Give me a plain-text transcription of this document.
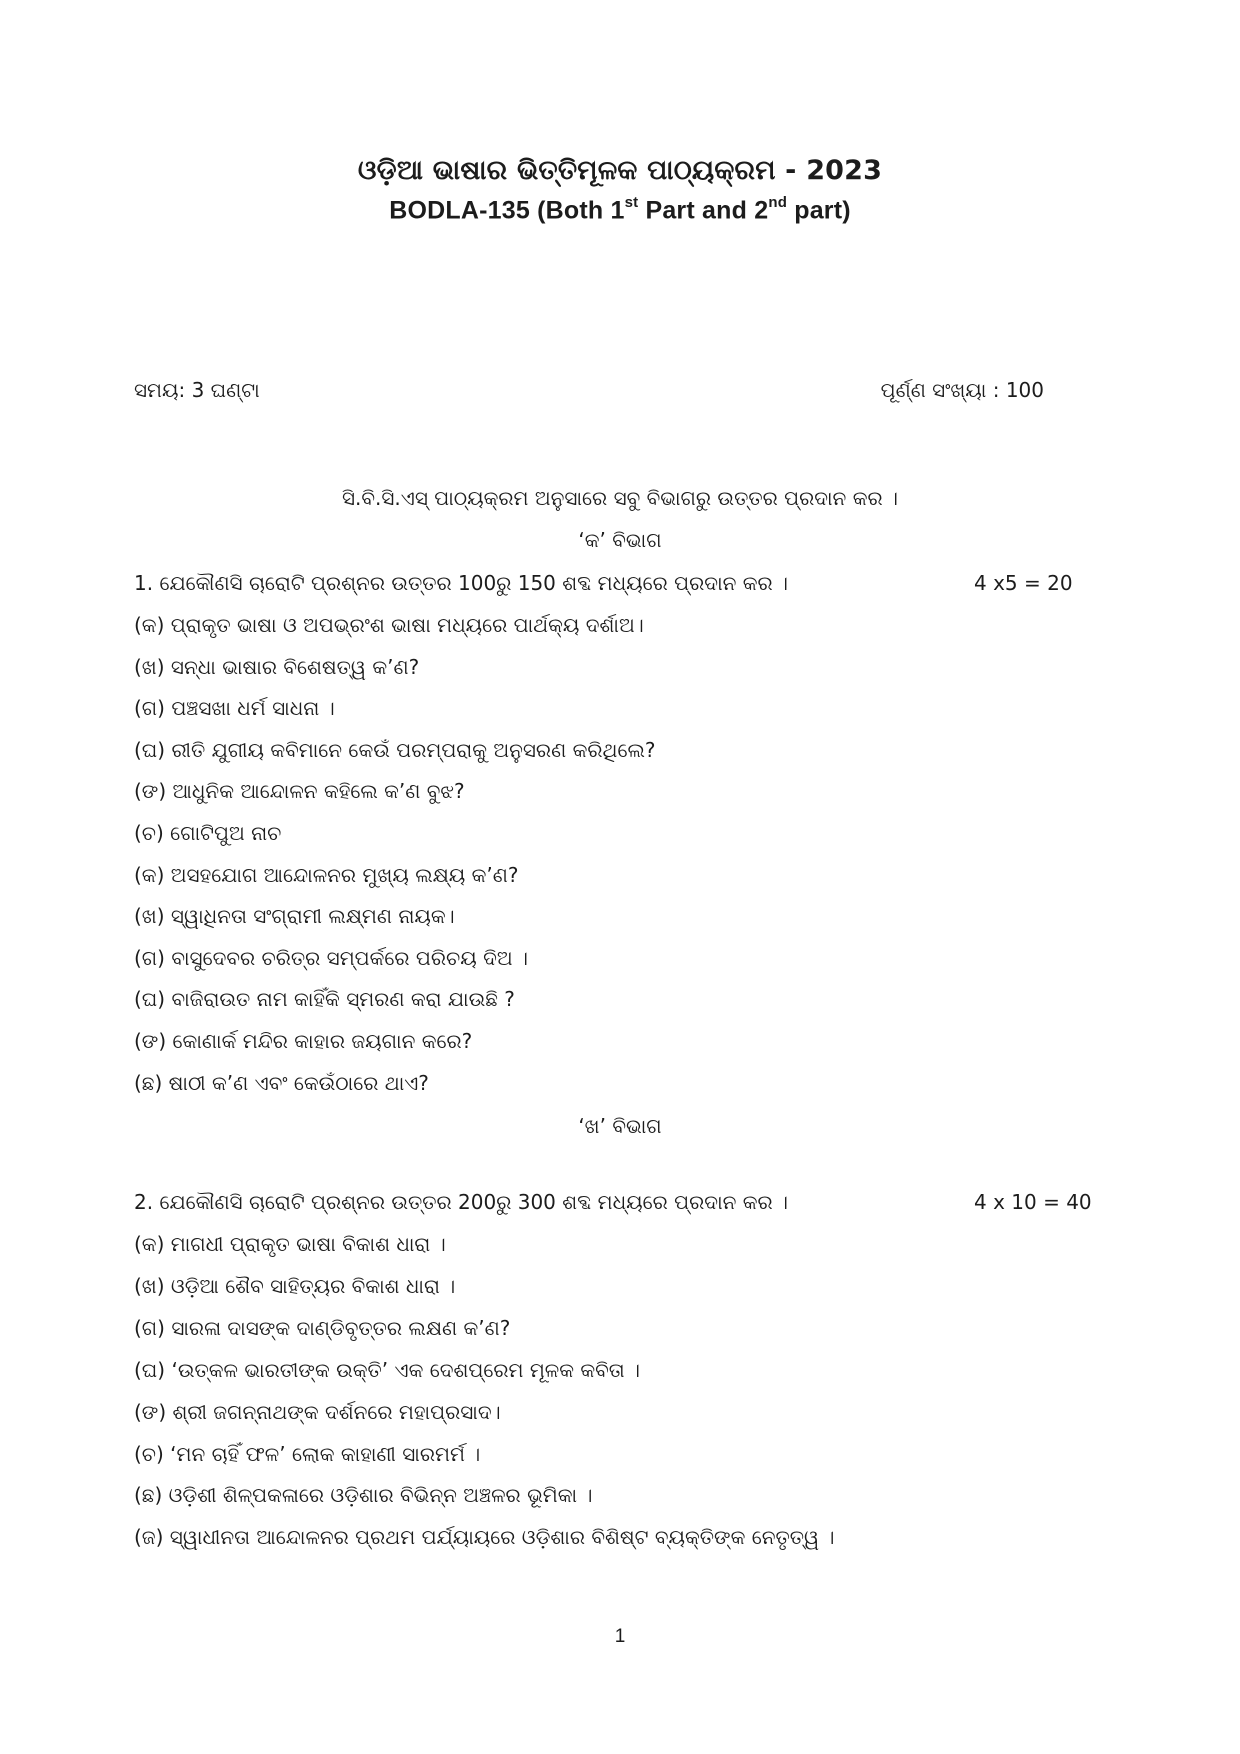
ଓଡ଼ିଆ ଭାଷାର ଭିତ୍ତିମୂଳକ ପାଠ୍ୟକ୍ରମ - 2023
BODLA-135 (Both 1st Part and 2nd part)
ସମୟ: 3 ଘଣ୍ଟା	ପୂର୍ଣ୍ଣ ସଂଖ୍ୟା : 100
ସି.ବି.ସି.ଏସ୍ ପାଠ୍ୟକ୍ରମ ଅନୁସାରେ ସବୁ ବିଭାଗରୁ ଉତ୍ତର ପ୍ରଦାନ କର ।
‘କ’ ବିଭାଗ
1. ଯେକୌଣସି ଚାରୋଟି ପ୍ରଶ୍ନର ଉତ୍ତର 100ରୁ 150 ଶବ୍ଦ ମଧ୍ୟରେ ପ୍ରଦାନ କର ।	4 x5 = 20
(କ) ପ୍ରାକୃତ ଭାଷା ଓ ଅପଭ୍ରଂଶ ଭାଷା ମଧ୍ୟରେ ପାର୍ଥକ୍ୟ ଦର୍ଶାଅ।
(ଖ) ସନ୍ଧା ଭାଷାର ବିଶେଷତ୍ୱ କ’ଣ?
(ଗ) ପଞ୍ଚସଖା ଧର୍ମ ସାଧନା ।
(ଘ) ରୀତି ଯୁଗୀୟ କବିମାନେ କେଉଁ ପରମ୍ପରାକୁ ଅନୁସରଣ କରିଥିଲେ?
(ଙ) ଆଧୁନିକ ଆନ୍ଦୋଳନ କହିଲେ କ’ଣ ବୁଝ?
(ଚ) ଗୋଟିପୁଅ ନାଚ
(କ) ଅସହଯୋଗ ଆନ୍ଦୋଳନର ମୁଖ୍ୟ ଲକ୍ଷ୍ୟ କ’ଣ?
(ଖ) ସ୍ୱାଧିନତା ସଂଗ୍ରାମୀ ଲକ୍ଷ୍ମଣ ନାୟକ।
(ଗ) ବାସୁଦେବର ଚରିତ୍ର ସମ୍ପର୍କରେ ପରିଚୟ ଦିଅ ।
(ଘ) ବାଜିରାଉତ ନାମ କାହିଁକି ସ୍ମରଣ କରା ଯାଉଛି ?
(ଙ) କୋଣାର୍କ ମନ୍ଦିର କାହାର ଜୟଗାନ କରେ?
(ଛ) ଷାଠୀ କ’ଣ ଏବଂ କେଉଁଠାରେ ଥାଏ?
‘ଖ’ ବିଭାଗ
2. ଯେକୌଣସି ଚାରୋଟି ପ୍ରଶ୍ନର ଉତ୍ତର 200ରୁ 300 ଶବ୍ଦ ମଧ୍ୟରେ ପ୍ରଦାନ କର ।	4 x 10 = 40
(କ) ମାଗଧୀ ପ୍ରାକୃତ ଭାଷା ବିକାଶ ଧାରା ।
(ଖ) ଓଡ଼ିଆ ଶୈବ ସାହିତ୍ୟର ବିକାଶ ଧାରା ।
(ଗ) ସାରଳା ଦାସଙ୍କ ଦାଣ୍ଡିବୃତ୍ତର ଲକ୍ଷଣ କ’ଣ?
(ଘ) ‘ଉତ୍କଳ ଭାରତୀଙ୍କ ଉକ୍ତି’ ଏକ ଦେଶପ୍ରେମ ମୂଳକ କବିତା ।
(ଙ) ଶ୍ରୀ ଜଗନ୍ନାଥଙ୍କ ଦର୍ଶନରେ ମହାପ୍ରସାଦ।
(ଚ) ‘ମନ ଚାହିଁ ଫଳ’ ଲୋକ କାହାଣୀ ସାରମର୍ମ ।
(ଛ) ଓଡ଼ିଶୀ ଶିଳ୍ପକଳାରେ ଓଡ଼ିଶାର ବିଭିନ୍ନ ଅଞ୍ଚଳର ଭୂମିକା ।
(ଜ) ସ୍ୱାଧୀନତା ଆନ୍ଦୋଳନର ପ୍ରଥମ ପର୍ଯ୍ୟାୟରେ ଓଡ଼ିଶାର ବିଶିଷ୍ଟ ବ୍ୟକ୍ତିଙ୍କ ନେତୃତ୍ୱ ।
1
